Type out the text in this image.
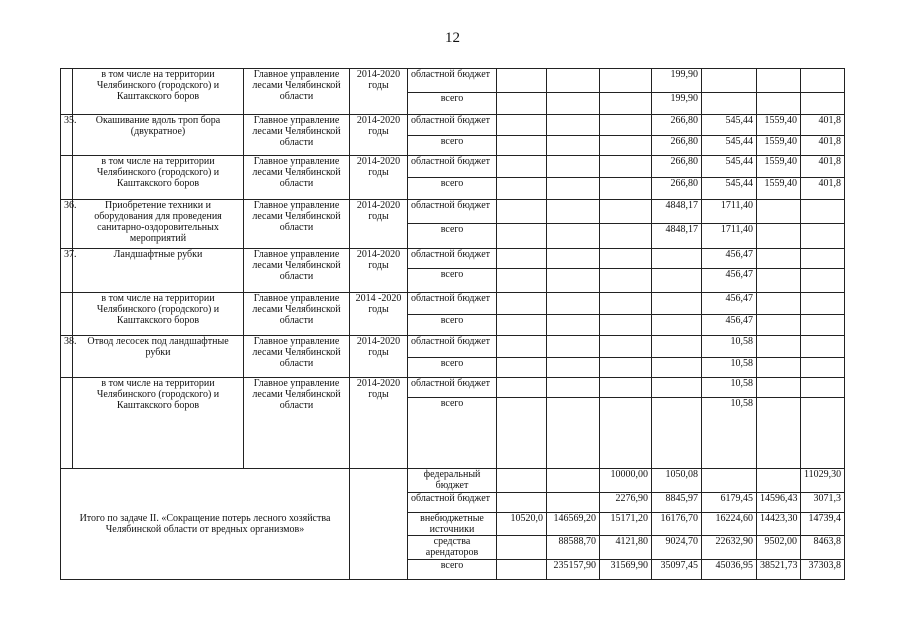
12
	в том числе на территории Челябинского (городского) и Каштакского боров	Главное управление лесами Челябинской области	2014-2020 годы	областной бюджет				199,90			
				всего				199,90			
35.	Окашивание вдоль троп бора (двукратное)	Главное управление лесами Челябинской области	2014-2020 годы	областной бюджет				266,80	545,44	1559,40	401,8
				всего				266,80	545,44	1559,40	401,8
	в том числе на территории Челябинского (городского) и Каштакского боров	Главное управление лесами Челябинской области	2014-2020 годы	областной бюджет				266,80	545,44	1559,40	401,8
				всего				266,80	545,44	1559,40	401,8
36.	Приобретение техники и оборудования для проведения санитарно-оздоровительных мероприятий	Главное управление лесами Челябинской области	2014-2020 годы	областной бюджет				4848,17	1711,40		
				всего				4848,17	1711,40		
37.	Ландшафтные рубки	Главное управление лесами Челябинской области	2014-2020 годы	областной бюджет					456,47		
				всего					456,47		
	в том числе на территории Челябинского (городского) и Каштакского боров	Главное управление лесами Челябинской области	2014 -2020 годы	областной бюджет					456,47		
				всего					456,47		
38.	Отвод лесосек под ландшафтные рубки	Главное управление лесами Челябинской области	2014-2020 годы	областной бюджет					10,58		
				всего					10,58		
	в том числе на территории Челябинского (городского) и Каштакского боров	Главное управление лесами Челябинской области	2014-2020 годы	областной бюджет					10,58		
				всего					10,58		
Итого по задаче II. «Сокращение потерь лесного хозяйства Челябинской области от вредных организмов»				федеральный бюджет			10000,00	1050,08			11029,30
				областной бюджет			2276,90	8845,97	6179,45	14596,43	3071,3
				внебюджетные источники	10520,0	146569,20	15171,20	16176,70	16224,60	14423,30	14739,4
				средства арендаторов		88588,70	4121,80	9024,70	22632,90	9502,00	8463,8
				всего		235157,90	31569,90	35097,45	45036,95	38521,73	37303,8
